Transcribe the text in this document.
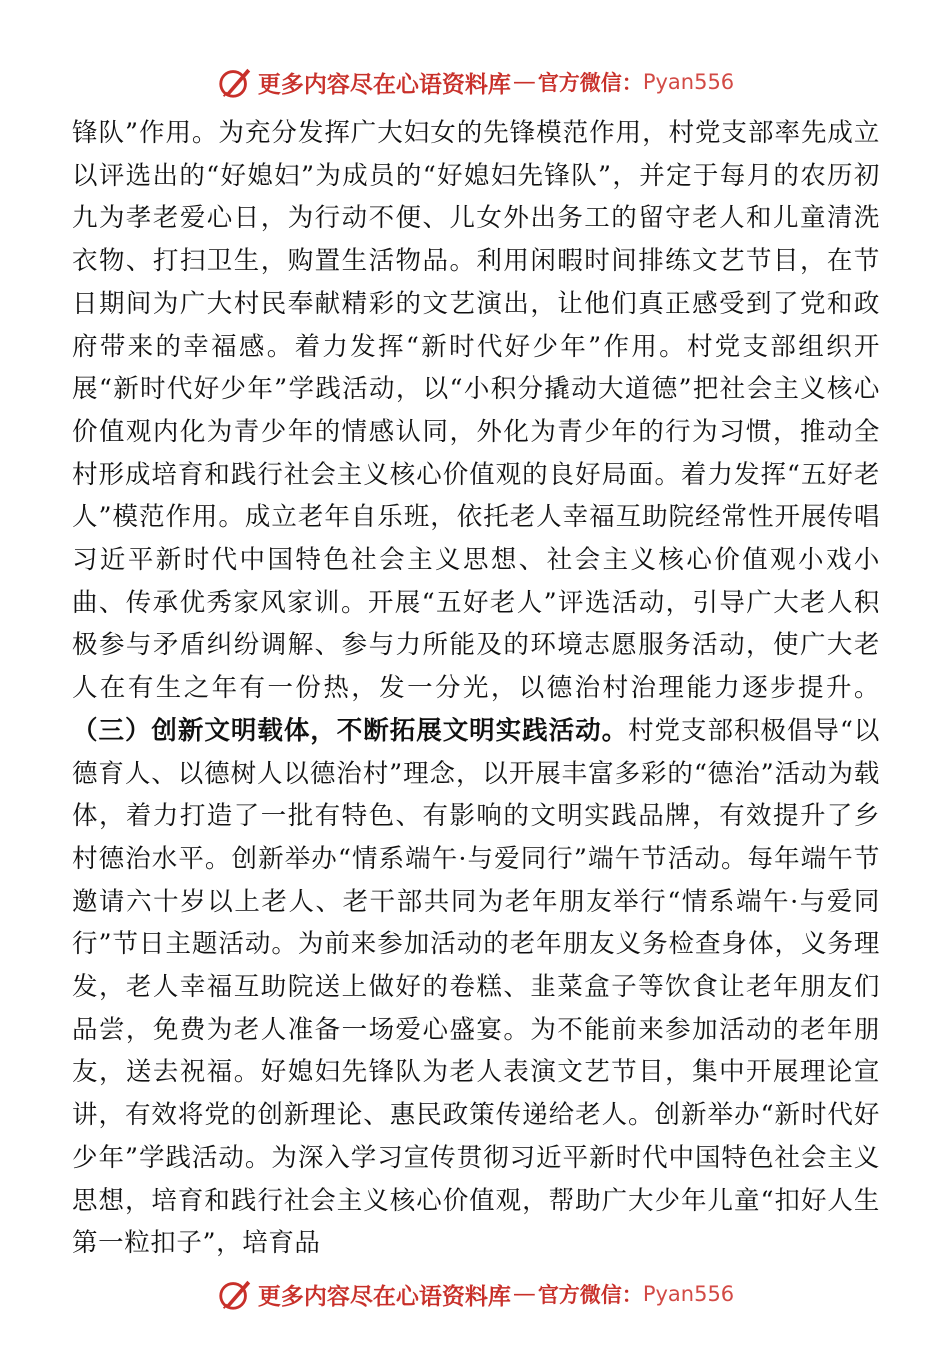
更多内容尽在心语资料库 — 官方微信： Pyan556
锋队”作用。为充分发挥广大妇女的先锋模范作用，村党支部率先成立以评选出的“好媳妇”为成员的“好媳妇先锋队”，并定于每月的农历初九为孝老爱心日，为行动不便、儿女外出务工的留守老人和儿童清洗衣物、打扫卫生，购置生活物品。利用闲暇时间排练文艺节目，在节日期间为广大村民奉献精彩的文艺演出，让他们真正感受到了党和政府带来的幸福感。着力发挥“新时代好少年”作用。村党支部组织开展“新时代好少年”学践活动，以“小积分撬动大道德”把社会主义核心价值观内化为青少年的情感认同，外化为青少年的行为习惯，推动全村形成培育和践行社会主义核心价值观的良好局面。着力发挥“五好老人”模范作用。成立老年自乐班，依托老人幸福互助院经常性开展传唱习近平新时代中国特色社会主义思想、社会主义核心价值观小戏小曲、传承优秀家风家训。开展“五好老人”评选活动，引导广大老人积极参与矛盾纠纷调解、参与力所能及的环境志愿服务活动，使广大老人在有生之年有一份热，发一分光，以德治村治理能力逐步提升。（三）创新文明载体，不断拓展文明实践活动。村党支部积极倡导“以德育人、以德树人以德治村”理念，以开展丰富多彩的“德治”活动为载体，着力打造了一批有特色、有影响的文明实践品牌，有效提升了乡村德治水平。创新举办“情系端午·与爱同行”端午节活动。每年端午节邀请六十岁以上老人、老干部共同为老年朋友举行“情系端午·与爱同行”节日主题活动。为前来参加活动的老年朋友义务检查身体，义务理发，老人幸福互助院送上做好的卷糕、韭菜盒子等饮食让老年朋友们品尝，免费为老人准备一场爱心盛宴。为不能前来参加活动的老年朋友，送去祝福。好媳妇先锋队为老人表演文艺节目，集中开展理论宣讲，有效将党的创新理论、惠民政策传递给老人。创新举办“新时代好少年”学践活动。为深入学习宣传贯彻习近平新时代中国特色社会主义思想，培育和践行社会主义核心价值观，帮助广大少年儿童“扣好人生第一粒扣子”，培育品
更多内容尽在心语资料库 — 官方微信： Pyan556
